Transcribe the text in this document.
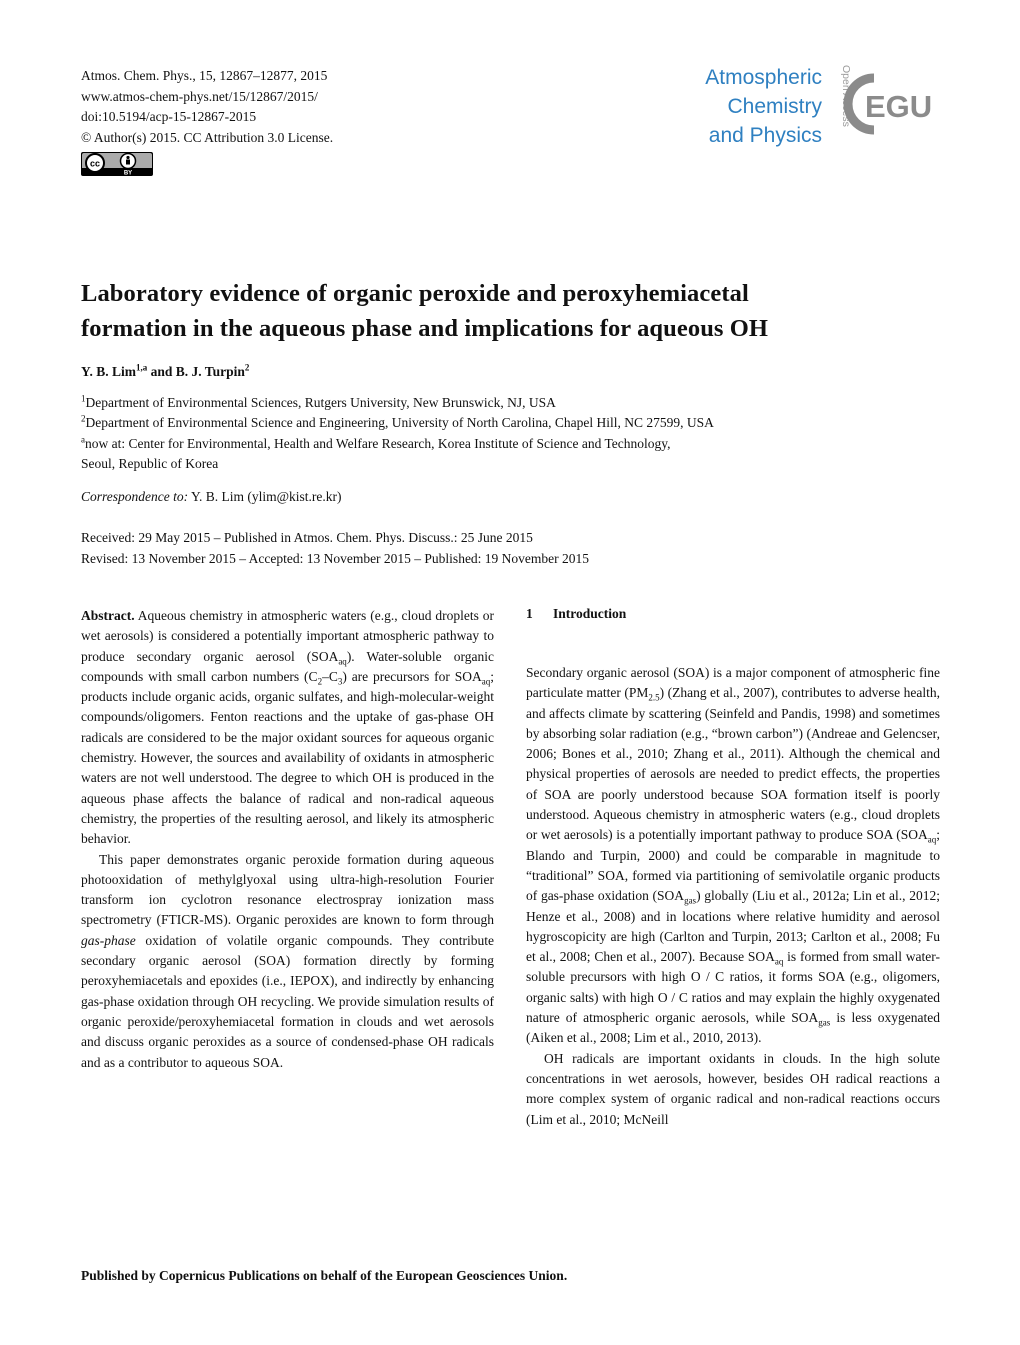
Atmos. Chem. Phys., 15, 12867–12877, 2015
www.atmos-chem-phys.net/15/12867/2015/
doi:10.5194/acp-15-12867-2015
© Author(s) 2015. CC Attribution 3.0 License.
cc
BY
Atmospheric
Chemistry
and Physics
Open Access EGU
Laboratory evidence of organic peroxide and peroxyhemiacetal
formation in the aqueous phase and implications for aqueous OH
Y. B. Lim$^{1,a}$ and B. J. Turpin$^2$
$^1$Department of Environmental Sciences, Rutgers University, New Brunswick, NJ, USA
$^2$Department of Environmental Science and Engineering, University of North Carolina, Chapel Hill, NC 27599, USA
$^a$now at: Center for Environmental, Health and Welfare Research, Korea Institute of Science and Technology,
Seoul, Republic of Korea
Correspondence to: Y. B. Lim (ylim@kist.re.kr)
Received: 29 May 2015 – Published in Atmos. Chem. Phys. Discuss.: 25 June 2015
Revised: 13 November 2015 – Accepted: 13 November 2015 – Published: 19 November 2015

Abstract. Aqueous chemistry in atmospheric waters (e.g., cloud droplets or wet aerosols) is considered a potentially important atmospheric pathway to produce secondary organic aerosol $(SOA_{aq})$. Water-soluble organic compounds with small carbon numbers $(C_2-C_3)$ are precursors for $SOA_{aq}$; products include organic acids, organic sulfates, and high-molecular-weight compounds/oligomers. Fenton reactions and the uptake of gas-phase OH radicals are considered to be the major oxidant sources for aqueous organic chemistry. However, the sources and availability of oxidants in atmospheric waters are not well understood. The degree to which OH is produced in the aqueous phase affects the balance of radical and non-radical aqueous chemistry, the properties of the resulting aerosol, and likely its atmospheric behavior.

This paper demonstrates organic peroxide formation during aqueous photooxidation of methylglyoxal using ultra-high-resolution Fourier transform ion cyclotron resonance electrospray ionization mass spectrometry (FTICR-MS). Organic peroxides are known to form through gas-phase oxidation of volatile organic compounds. They contribute secondary organic aerosol (SOA) formation directly by forming peroxyhemiacetals and epoxides (i.e., IEPOX), and indirectly by enhancing gas-phase oxidation through OH recycling. We provide simulation results of organic peroxide/peroxyhemiacetal formation in clouds and wet aerosols and discuss organic peroxides as a source of condensed-phase OH radicals and as a contributor to aqueous SOA.

1 Introduction

Secondary organic aerosol (SOA) is a major component of atmospheric fine particulate matter $(PM_{2.5})$ (Zhang et al., 2007), contributes to adverse health, and affects climate by scattering (Seinfeld and Pandis, 1998) and sometimes by absorbing solar radiation (e.g., “brown carbon”) (Andreae and Gelencser, 2006; Bones et al., 2010; Zhang et al., 2011). Although the chemical and physical properties of aerosols are needed to predict effects, the properties of SOA are poorly understood because SOA formation itself is poorly understood. Aqueous chemistry in atmospheric waters (e.g., cloud droplets or wet aerosols) is a potentially important pathway to produce SOA ($SOA_{aq}$; Blando and Turpin, 2000) and could be comparable in magnitude to “traditional” SOA, formed via partitioning of semivolatile organic products of gas-phase oxidation $(SOA_{gas})$ globally (Liu et al., 2012a; Lin et al., 2012; Henze et al., 2008) and in locations where relative humidity and aerosol hygroscopicity are high (Carlton and Turpin, 2013; Carlton et al., 2008; Fu et al., 2008; Chen et al., 2007). Because $SOA_{aq}$ is formed from small water-soluble precursors with high O / C ratios, it forms SOA (e.g., oligomers, organic salts) with high O / C ratios and may explain the highly oxygenated nature of atmospheric organic aerosols, while $SOA_{gas}$ is less oxygenated (Aiken et al., 2008; Lim et al., 2010, 2013).

OH radicals are important oxidants in clouds. In the high solute concentrations in wet aerosols, however, besides OH radical reactions a more complex system of organic radical and non-radical reactions occurs (Lim et al., 2010; McNeill

Published by Copernicus Publications on behalf of the European Geosciences Union.
